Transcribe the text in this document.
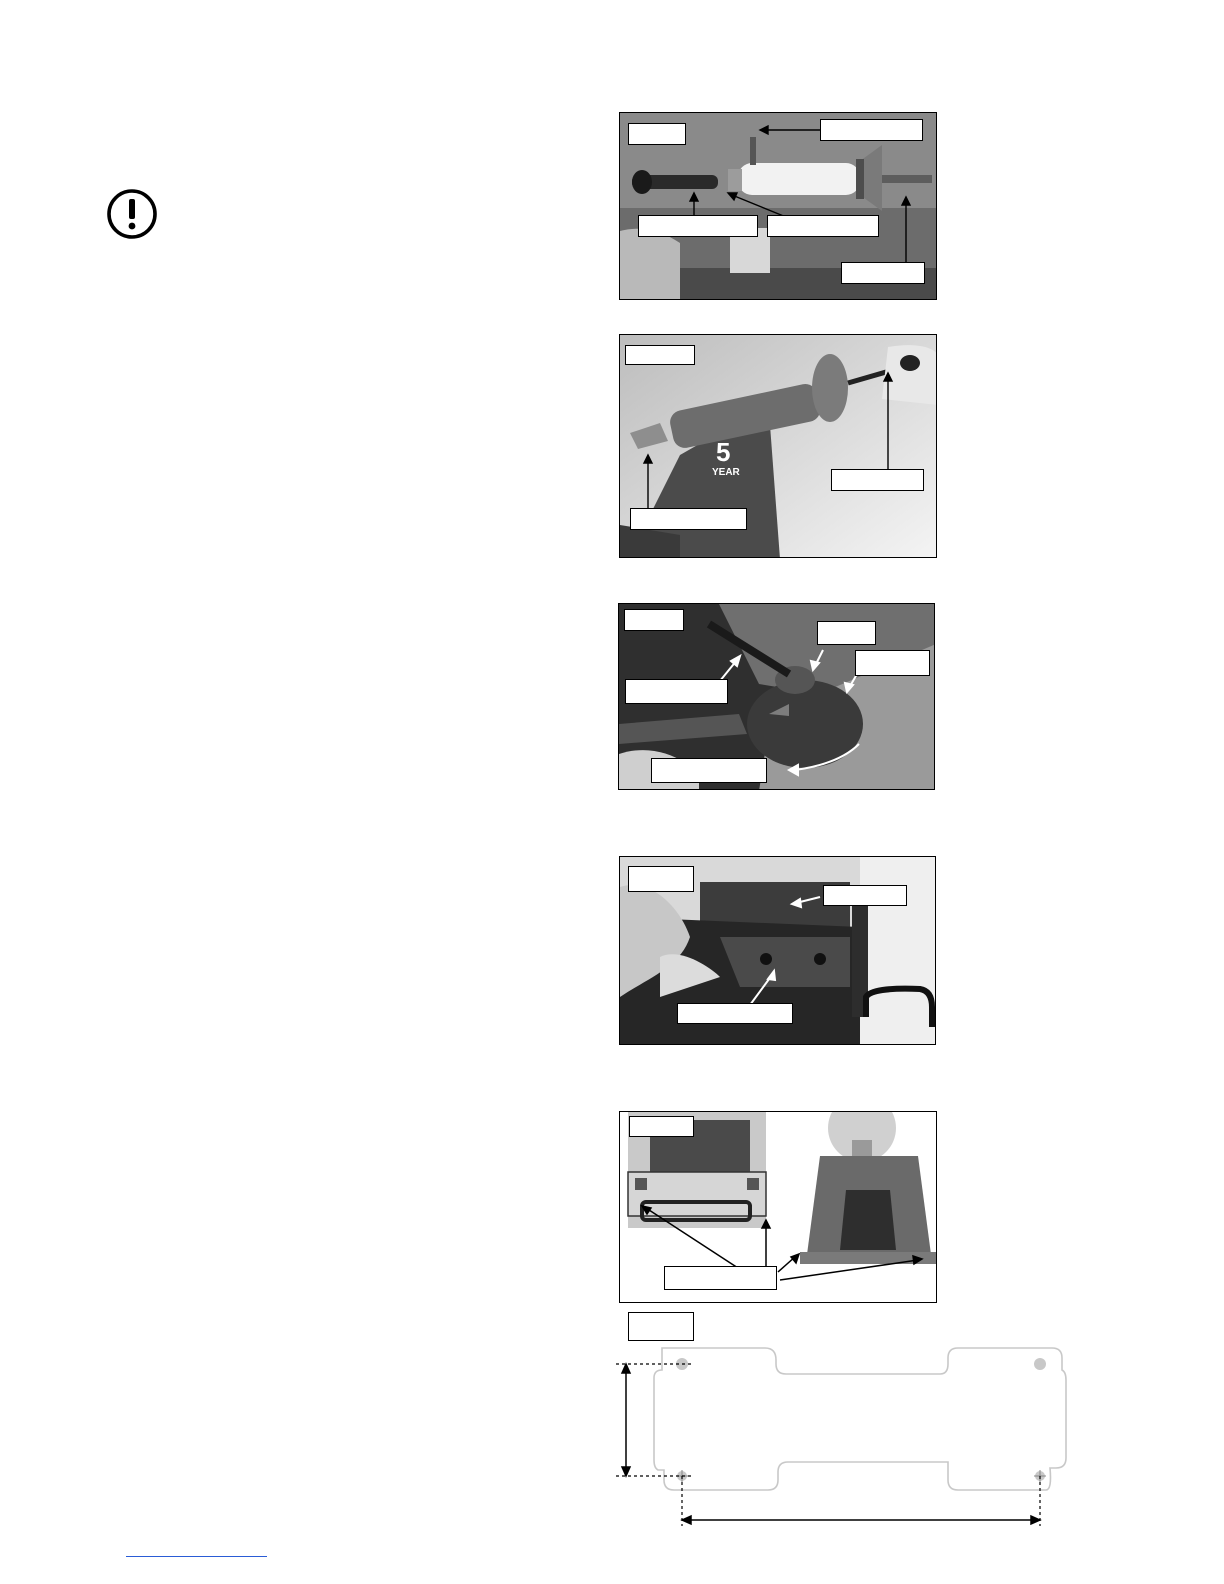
5
YEAR
